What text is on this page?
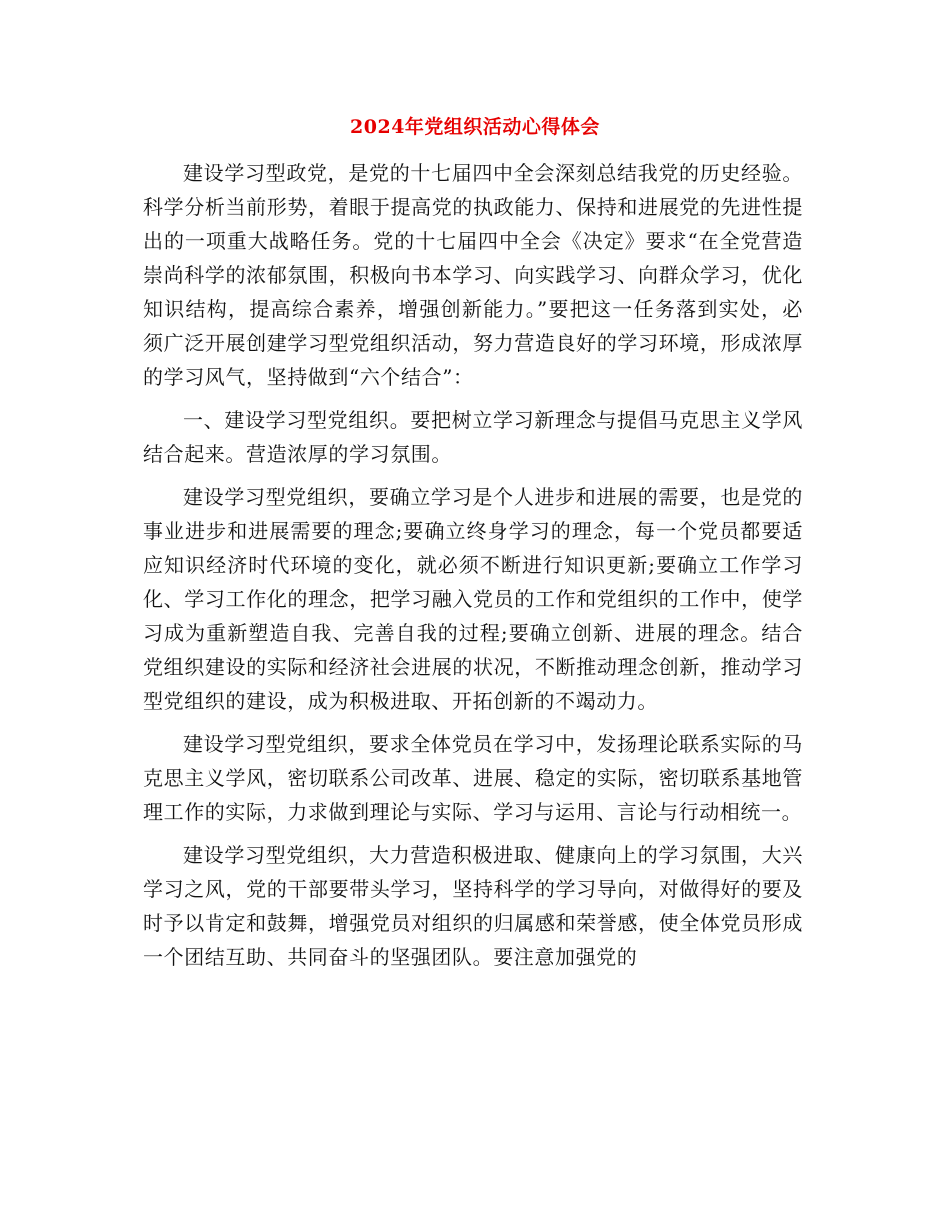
2024年党组织活动心得体会

建设学习型政党，是党的十七届四中全会深刻总结我党的历史经验。科学分析当前形势，着眼于提高党的执政能力、保持和进展党的先进性提出的一项重大战略任务。党的十七届四中全会《决定》要求“在全党营造崇尚科学的浓郁氛围，积极向书本学习、向实践学习、向群众学习，优化知识结构，提高综合素养，增强创新能力。”要把这一任务落到实处，必须广泛开展创建学习型党组织活动，努力营造良好的学习环境，形成浓厚的学习风气，坚持做到“六个结合”：

一、建设学习型党组织。要把树立学习新理念与提倡马克思主义学风结合起来。营造浓厚的学习氛围。

建设学习型党组织，要确立学习是个人进步和进展的需要，也是党的事业进步和进展需要的理念;要确立终身学习的理念，每一个党员都要适应知识经济时代环境的变化，就必须不断进行知识更新;要确立工作学习化、学习工作化的理念，把学习融入党员的工作和党组织的工作中，使学习成为重新塑造自我、完善自我的过程;要确立创新、进展的理念。结合党组织建设的实际和经济社会进展的状况，不断推动理念创新，推动学习型党组织的建设，成为积极进取、开拓创新的不竭动力。

建设学习型党组织，要求全体党员在学习中，发扬理论联系实际的马克思主义学风，密切联系公司改革、进展、稳定的实际，密切联系基地管理工作的实际，力求做到理论与实际、学习与运用、言论与行动相统一。

建设学习型党组织，大力营造积极进取、健康向上的学习氛围，大兴学习之风，党的干部要带头学习，坚持科学的学习导向，对做得好的要及时予以肯定和鼓舞，增强党员对组织的归属感和荣誉感，使全体党员形成一个团结互助、共同奋斗的坚强团队。要注意加强党的
